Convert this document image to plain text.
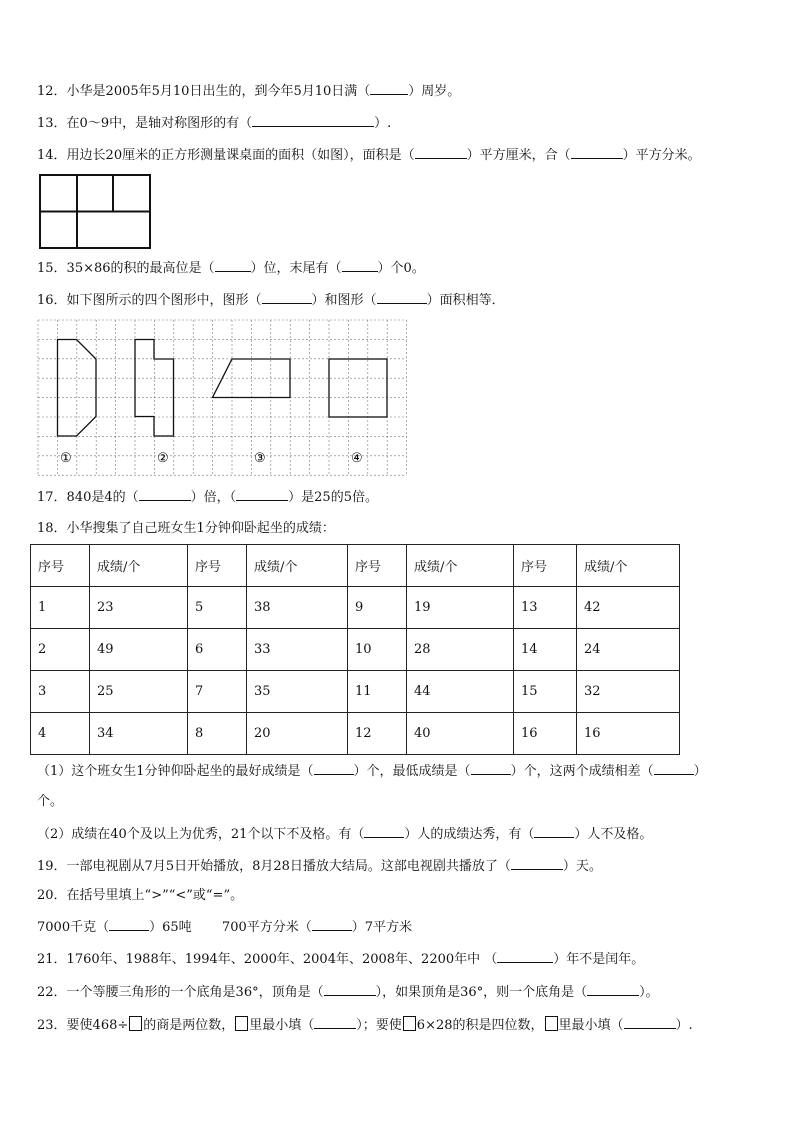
12．小华是2005年5月10日出生的，到今年5月10日满（	）周岁。
13．在0～9中，是轴对称图形的有（	）.
14．用边长20厘米的正方形测量课桌面的面积（如图），面积是（	）平方厘米，合（	）平方分米。
15．35×86的积的最高位是（	）位，末尾有（	）个0。
16．如下图所示的四个图形中，图形（	）和图形（	）面积相等．
①	②	③	④
17．840是4的（	）倍，（	）是25的5倍。
18．小华搜集了自己班女生1分钟仰卧起坐的成绩：
序号	成绩/个	序号	成绩/个	序号	成绩/个	序号	成绩/个
1	23	5	38	9	19	13	42
2	49	6	33	10	28	14	24
3	25	7	35	11	44	15	32
4	34	8	20	12	40	16	16
（1）这个班女生1分钟仰卧起坐的最好成绩是（	）个，最低成绩是（	）个，这两个成绩相差（	）
个。
（2）成绩在40个及以上为优秀，21个以下不及格。有（	）人的成绩达秀，有（	）人不及格。
19．一部电视剧从7月5日开始播放，8月28日播放大结局。这部电视剧共播放了（	）天。
20．在括号里填上“>”“<”或“=”。
7000千克（	）65吨 700平方分米（	）7平方米
21．1760年、1988年、1994年、2000年、2004年、2008年、2200年中 （	）年不是闰年。
22．一个等腰三角形的一个底角是36°，顶角是（	），如果顶角是36°，则一个底角是（	）。
23．要使468÷ 的商是两位数， 里最小填（	）；要使 6×28的积是四位数， 里最小填（	）.
